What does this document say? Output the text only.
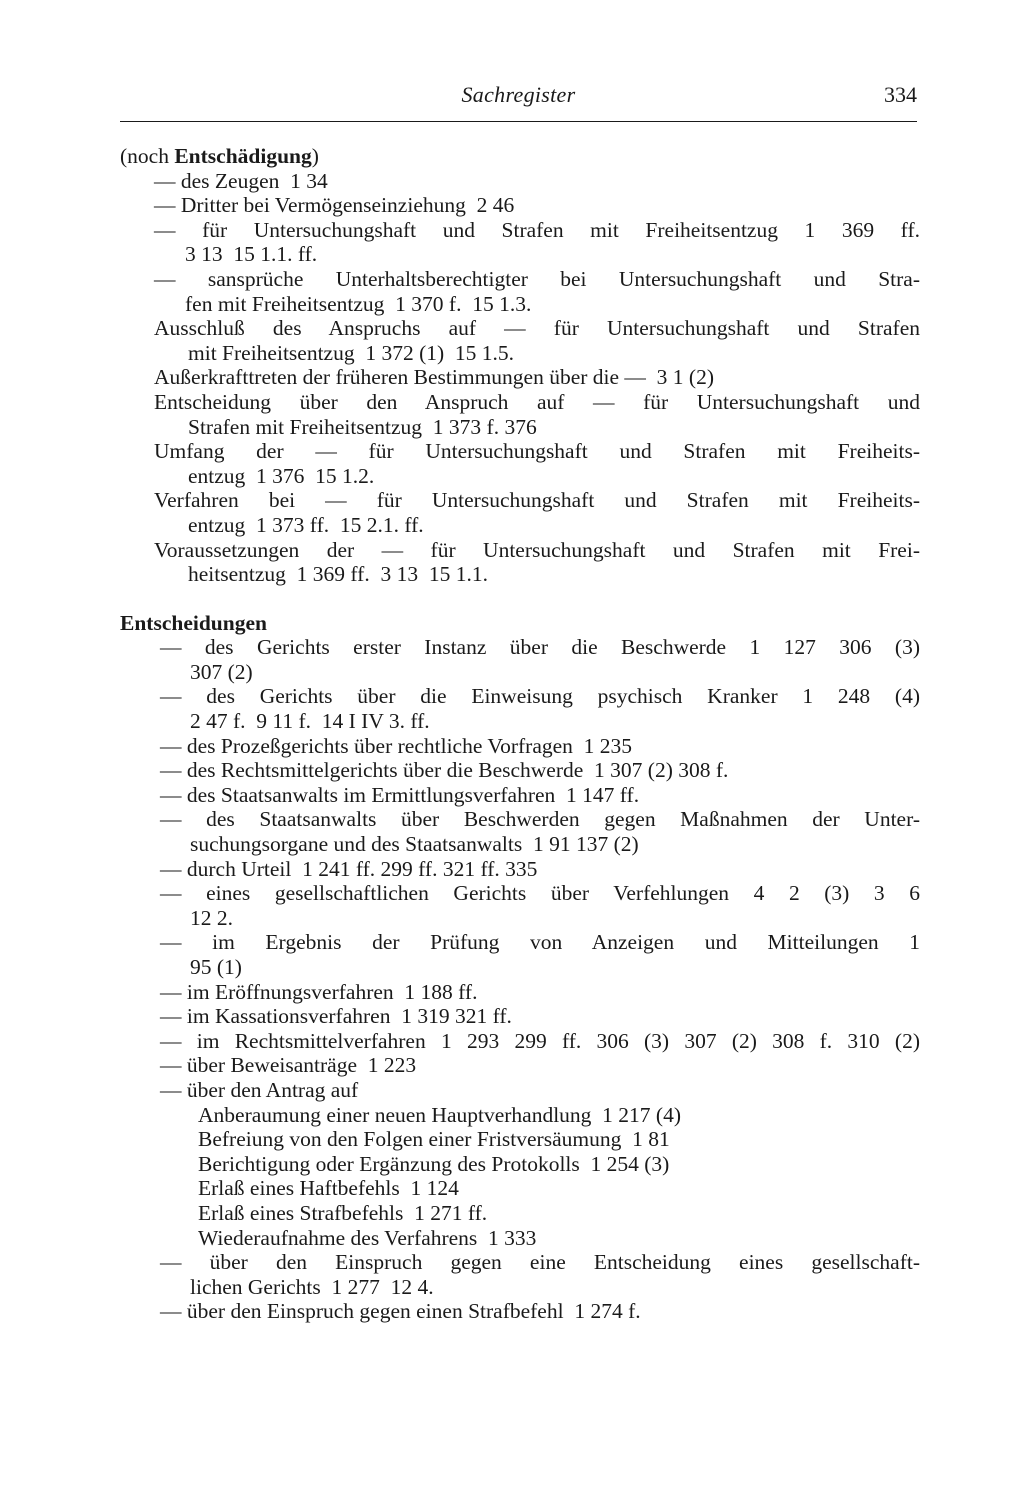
Sachregister	334
(noch Entschädigung)
— des Zeugen  1 34
— Dritter bei Vermögenseinziehung  2 46
— für Untersuchungshaft und Strafen mit Freiheitsentzug 1 369 ff.
3 13  15 1.1. ff.
— sansprüche Unterhaltsberechtigter bei Untersuchungshaft und Stra-
fen mit Freiheitsentzug  1 370 f.  15 1.3.
Ausschluß des Anspruchs auf — für Untersuchungshaft und Strafen
mit Freiheitsentzug  1 372 (1)  15 1.5.
Außerkrafttreten der früheren Bestimmungen über die —  3 1 (2)
Entscheidung über den Anspruch auf — für Untersuchungshaft und
Strafen mit Freiheitsentzug  1 373 f. 376
Umfang der — für Untersuchungshaft und Strafen mit Freiheits-
entzug  1 376  15 1.2.
Verfahren bei — für Untersuchungshaft und Strafen mit Freiheits-
entzug  1 373 ff.  15 2.1. ff.
Voraussetzungen der — für Untersuchungshaft und Strafen mit Frei-
heitsentzug  1 369 ff.  3 13  15 1.1.
Entscheidungen
— des Gerichts erster Instanz über die Beschwerde 1 127 306 (3)
307 (2)
— des Gerichts über die Einweisung psychisch Kranker 1 248 (4)
2 47 f.  9 11 f.  14 I IV 3. ff.
— des Prozeßgerichts über rechtliche Vorfragen  1 235
— des Rechtsmittelgerichts über die Beschwerde  1 307 (2) 308 f.
— des Staatsanwalts im Ermittlungsverfahren  1 147 ff.
— des Staatsanwalts über Beschwerden gegen Maßnahmen der Unter-
suchungsorgane und des Staatsanwalts  1 91 137 (2)
— durch Urteil  1 241 ff. 299 ff. 321 ff. 335
— eines gesellschaftlichen Gerichts über Verfehlungen 4 2 (3) 3 6
12 2.
— im Ergebnis der Prüfung von Anzeigen und Mitteilungen 1
95 (1)
— im Eröffnungsverfahren  1 188 ff.
— im Kassationsverfahren  1 319 321 ff.
— im Rechtsmittelverfahren 1 293 299 ff. 306 (3) 307 (2) 308 f. 310 (2)
— über Beweisanträge  1 223
— über den Antrag auf
Anberaumung einer neuen Hauptverhandlung  1 217 (4)
Befreiung von den Folgen einer Fristversäumung  1 81
Berichtigung oder Ergänzung des Protokolls  1 254 (3)
Erlaß eines Haftbefehls  1 124
Erlaß eines Strafbefehls  1 271 ff.
Wiederaufnahme des Verfahrens  1 333
— über den Einspruch gegen eine Entscheidung eines gesellschaft-
lichen Gerichts  1 277  12 4.
— über den Einspruch gegen einen Strafbefehl  1 274 f.
